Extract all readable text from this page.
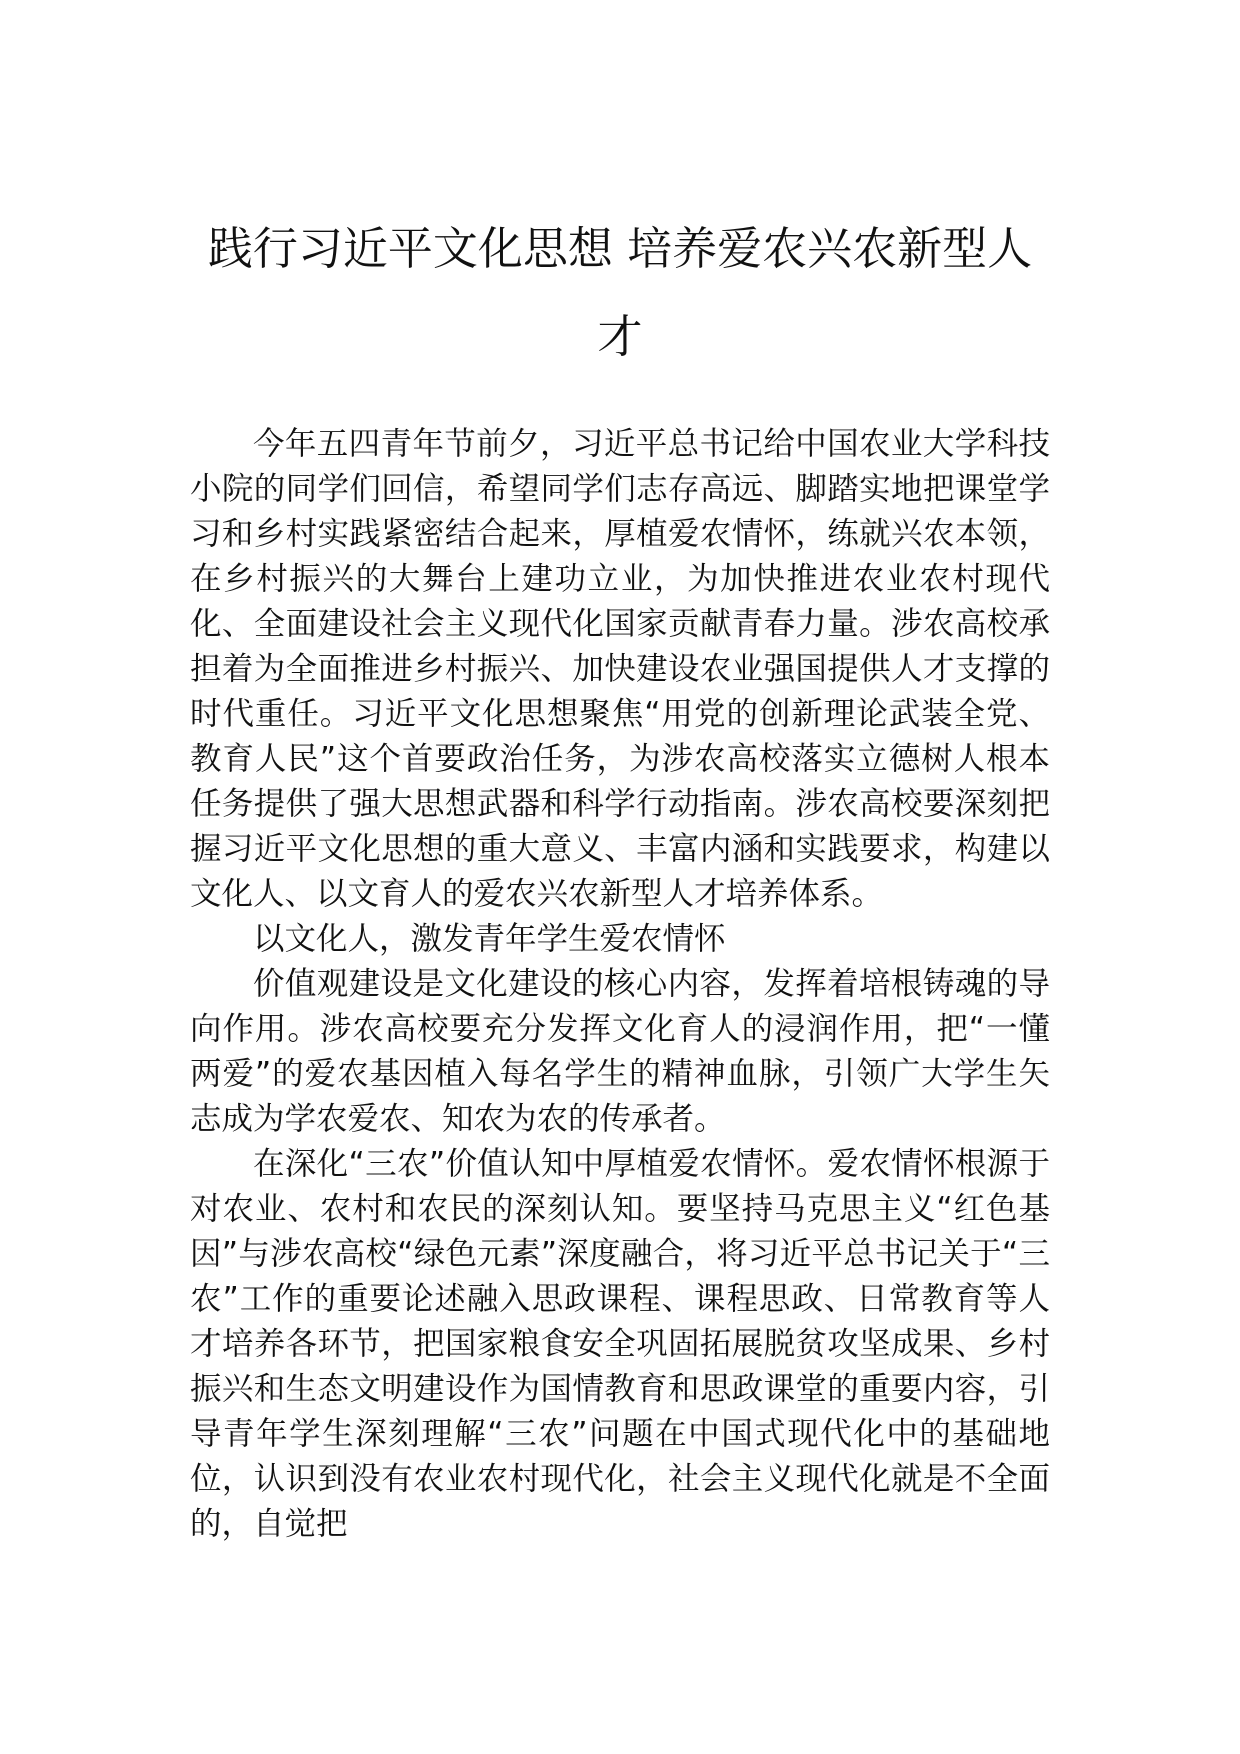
践行习近平文化思想 培养爱农兴农新型人才

今年五四青年节前夕，习近平总书记给中国农业大学科技小院的同学们回信，希望同学们志存高远、脚踏实地把课堂学习和乡村实践紧密结合起来，厚植爱农情怀，练就兴农本领，在乡村振兴的大舞台上建功立业，为加快推进农业农村现代化、全面建设社会主义现代化国家贡献青春力量。涉农高校承担着为全面推进乡村振兴、加快建设农业强国提供人才支撑的时代重任。习近平文化思想聚焦“用党的创新理论武装全党、教育人民”这个首要政治任务，为涉农高校落实立德树人根本任务提供了强大思想武器和科学行动指南。涉农高校要深刻把握习近平文化思想的重大意义、丰富内涵和实践要求，构建以文化人、以文育人的爱农兴农新型人才培养体系。

以文化人，激发青年学生爱农情怀

价值观建设是文化建设的核心内容，发挥着培根铸魂的导向作用。涉农高校要充分发挥文化育人的浸润作用，把“一懂两爱”的爱农基因植入每名学生的精神血脉，引领广大学生矢志成为学农爱农、知农为农的传承者。

在深化“三农”价值认知中厚植爱农情怀。爱农情怀根源于对农业、农村和农民的深刻认知。要坚持马克思主义“红色基因”与涉农高校“绿色元素”深度融合，将习近平总书记关于“三农”工作的重要论述融入思政课程、课程思政、日常教育等人才培养各环节，把国家粮食安全巩固拓展脱贫攻坚成果、乡村振兴和生态文明建设作为国情教育和思政课堂的重要内容，引导青年学生深刻理解“三农”问题在中国式现代化中的基础地位，认识到没有农业农村现代化，社会主义现代化就是不全面的，自觉把
